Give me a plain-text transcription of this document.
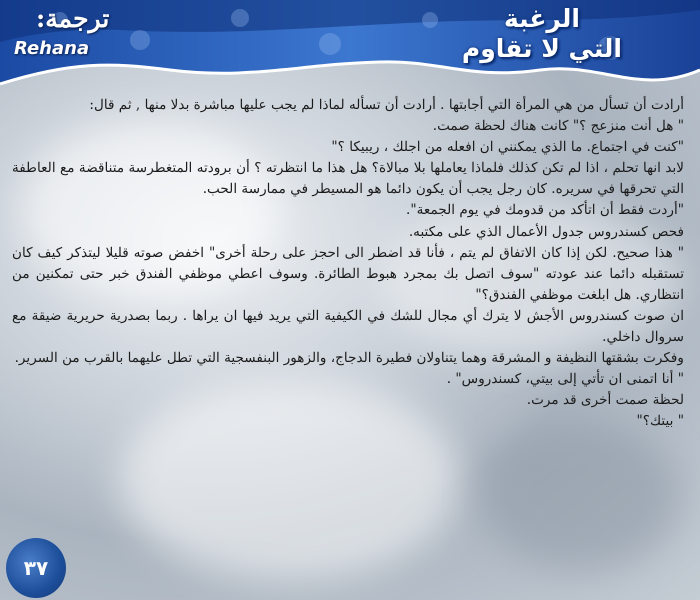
ترجمة:
Rehana
الرغبة
التي لا تقاوم

أرادت أن تسأل من هي المرأة التي أجابتها . أرادت أن تسأله لماذا لم يجب عليها مباشرة بدلا منها , ثم قال:

" هل أنت منزعج ؟" كانت هناك لحظة صمت.

"كنت في اجتماع. ما الذي يمكنني ان افعله من اجلك ، ريبيكا ؟"

لابد انها تحلم ، اذا لم تكن كذلك فلماذا يعاملها بلا مبالاة؟ هل هذا ما انتظرته ؟ أن برودته المتغطرسة متناقضة مع العاطفة التي تحرقها في سريره. كان رجل يجب أن يكون دائما هو المسيطر في ممارسة الحب.

"أردت فقط أن اتأكد من قدومك في يوم الجمعة".

فحص كسندروس جدول الأعمال الذي على مكتبه.

" هذا صحيح. لكن إذا كان الاتفاق لم يتم ، فأنا قد اضطر الى احجز على رحلة أخرى" اخفض صوته قليلا ليتذكر كيف كان تستقبله دائما عند عودته "سوف اتصل بك بمجرد هبوط الطائرة. وسوف اعطي موظفي الفندق خبر حتى تمكنين من انتظاري. هل ابلغت موظفي الفندق؟"

ان صوت كسندروس الأجش لا يترك أي مجال للشك في الكيفية التي يريد فيها ان يراها . ربما بصدرية حريرية ضيقة مع سروال داخلي.

وفكرت بشقتها النظيفة و المشرقة وهما يتناولان فطيرة الدجاج، والزهور البنفسجية التي تطل عليهما بالقرب من السرير.

" أنا اتمنى ان تأتي إلى بيتي، كسندروس" .

لحظة صمت أخرى قد مرت.

" بيتك؟"

٣٧
